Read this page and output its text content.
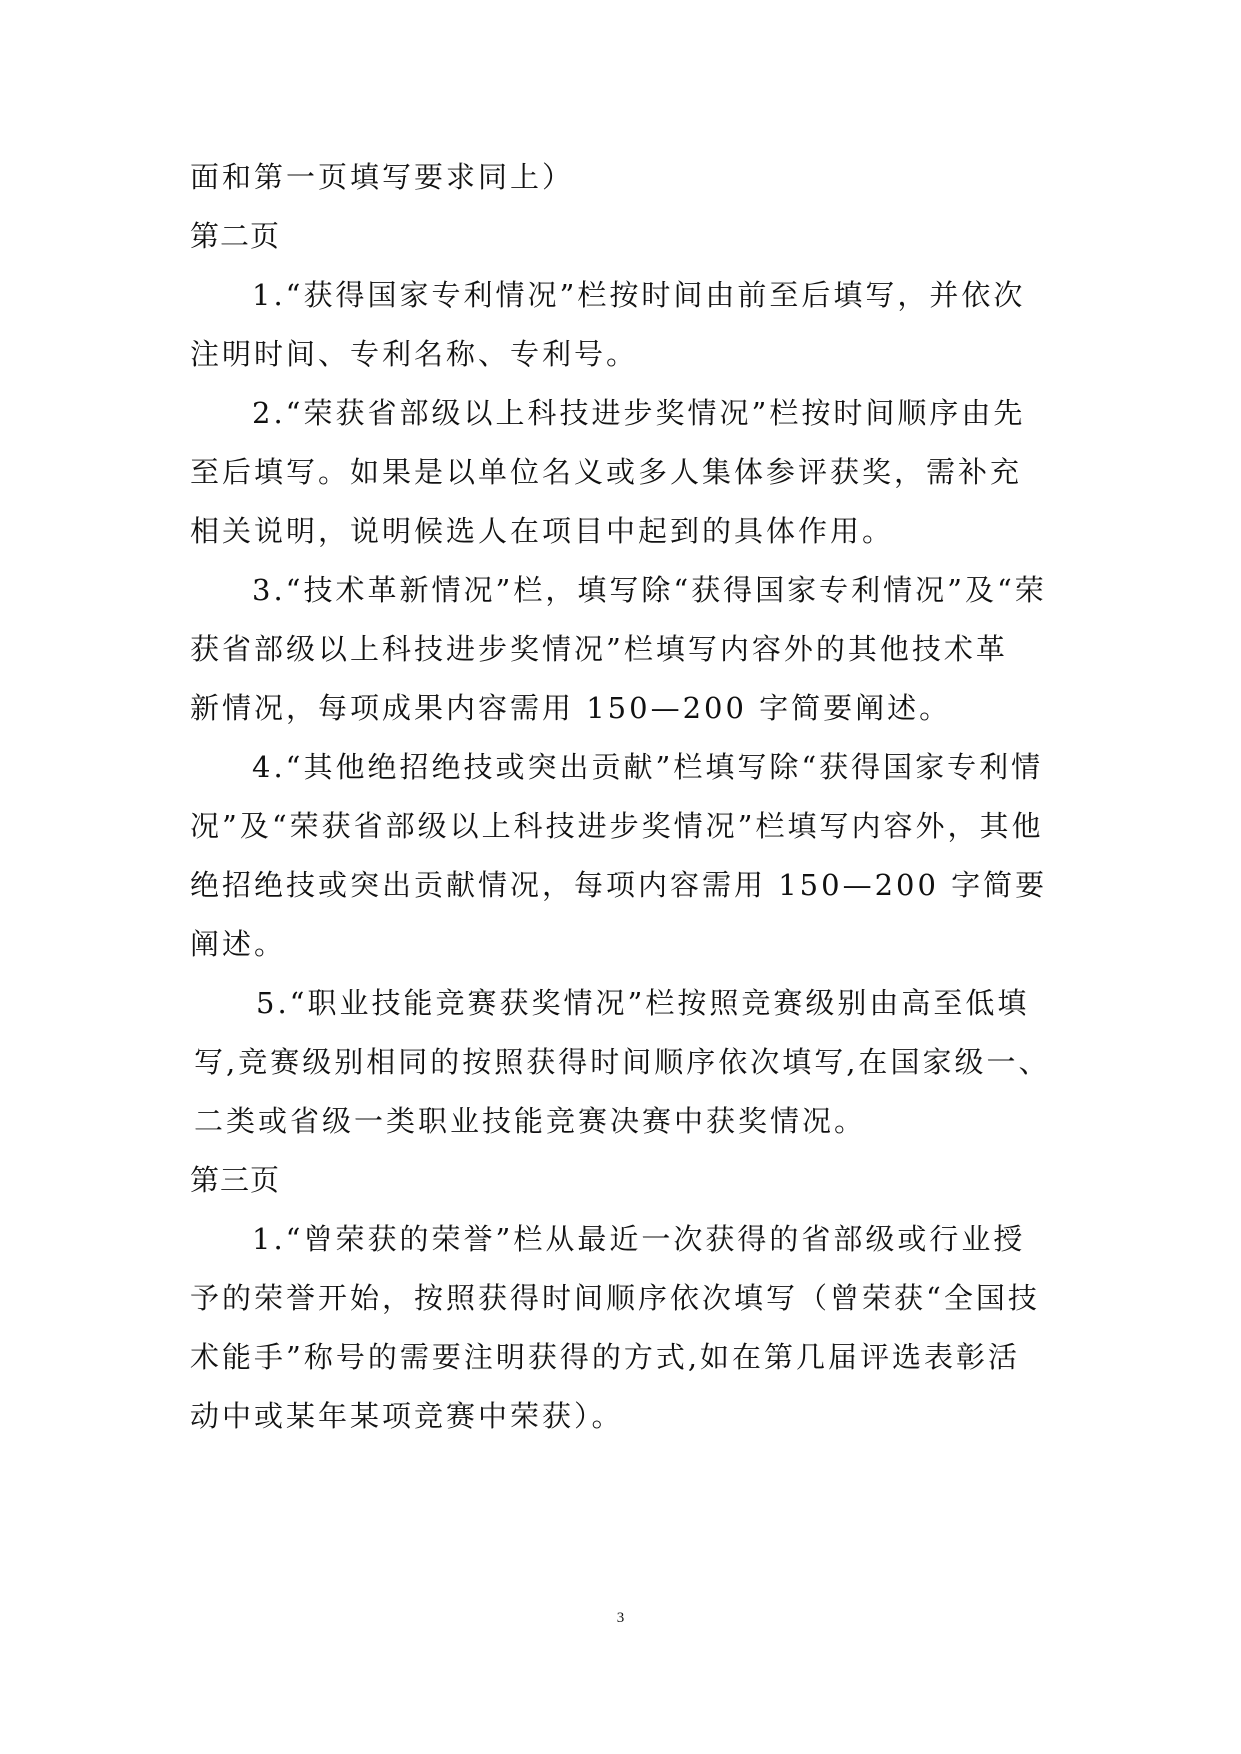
面和第一页填写要求同上）
第二页
1.“获得国家专利情况”栏按时间由前至后填写，并依次
注明时间、专利名称、专利号。
2.“荣获省部级以上科技进步奖情况”栏按时间顺序由先
至后填写。如果是以单位名义或多人集体参评获奖，需补充
相关说明，说明候选人在项目中起到的具体作用。
3.“技术革新情况”栏，填写除“获得国家专利情况”及“荣
获省部级以上科技进步奖情况”栏填写内容外的其他技术革
新情况，每项成果内容需用 150—200 字简要阐述。
4.“其他绝招绝技或突出贡献”栏填写除“获得国家专利情
况”及“荣获省部级以上科技进步奖情况”栏填写内容外，其他
绝招绝技或突出贡献情况，每项内容需用 150—200 字简要
阐述。
5.“职业技能竞赛获奖情况”栏按照竞赛级别由高至低填
写,竞赛级别相同的按照获得时间顺序依次填写,在国家级一、
二类或省级一类职业技能竞赛决赛中获奖情况。
第三页
1.“曾荣获的荣誉”栏从最近一次获得的省部级或行业授
予的荣誉开始，按照获得时间顺序依次填写（曾荣获“全国技
术能手”称号的需要注明获得的方式,如在第几届评选表彰活
动中或某年某项竞赛中荣获）。
3
